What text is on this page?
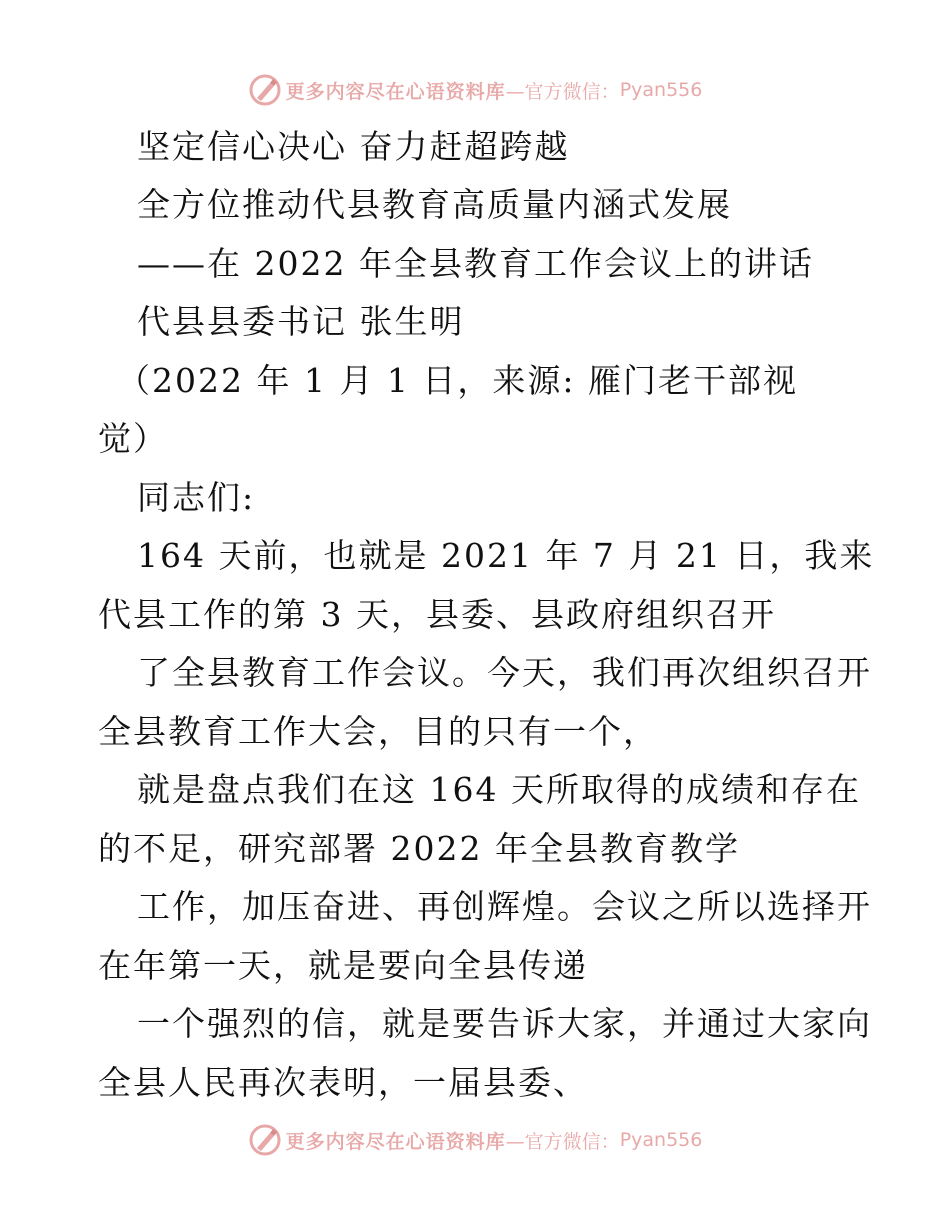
更多内容尽在心语资料库 —官方微信： Pyan556
坚定信心决心 奋力赶超跨越
全方位推动代县教育高质量内涵式发展
——在 2022 年全县教育工作会议上的讲话
代县县委书记 张生明
（2022 年 1 月 1 日，来源: 雁门老干部视
觉）
同志们:
164 天前，也就是 2021 年 7 月 21 日，我来
代县工作的第 3 天，县委、县政府组织召开
了全县教育工作会议。今天，我们再次组织召开
全县教育工作大会，目的只有一个，
就是盘点我们在这 164 天所取得的成绩和存在
的不足，研究部署 2022 年全县教育教学
工作，加压奋进、再创辉煌。会议之所以选择开
在年第一天，就是要向全县传递
一个强烈的信，就是要告诉大家，并通过大家向
全县人民再次表明，一届县委、
更多内容尽在心语资料库 —官方微信： Pyan556
